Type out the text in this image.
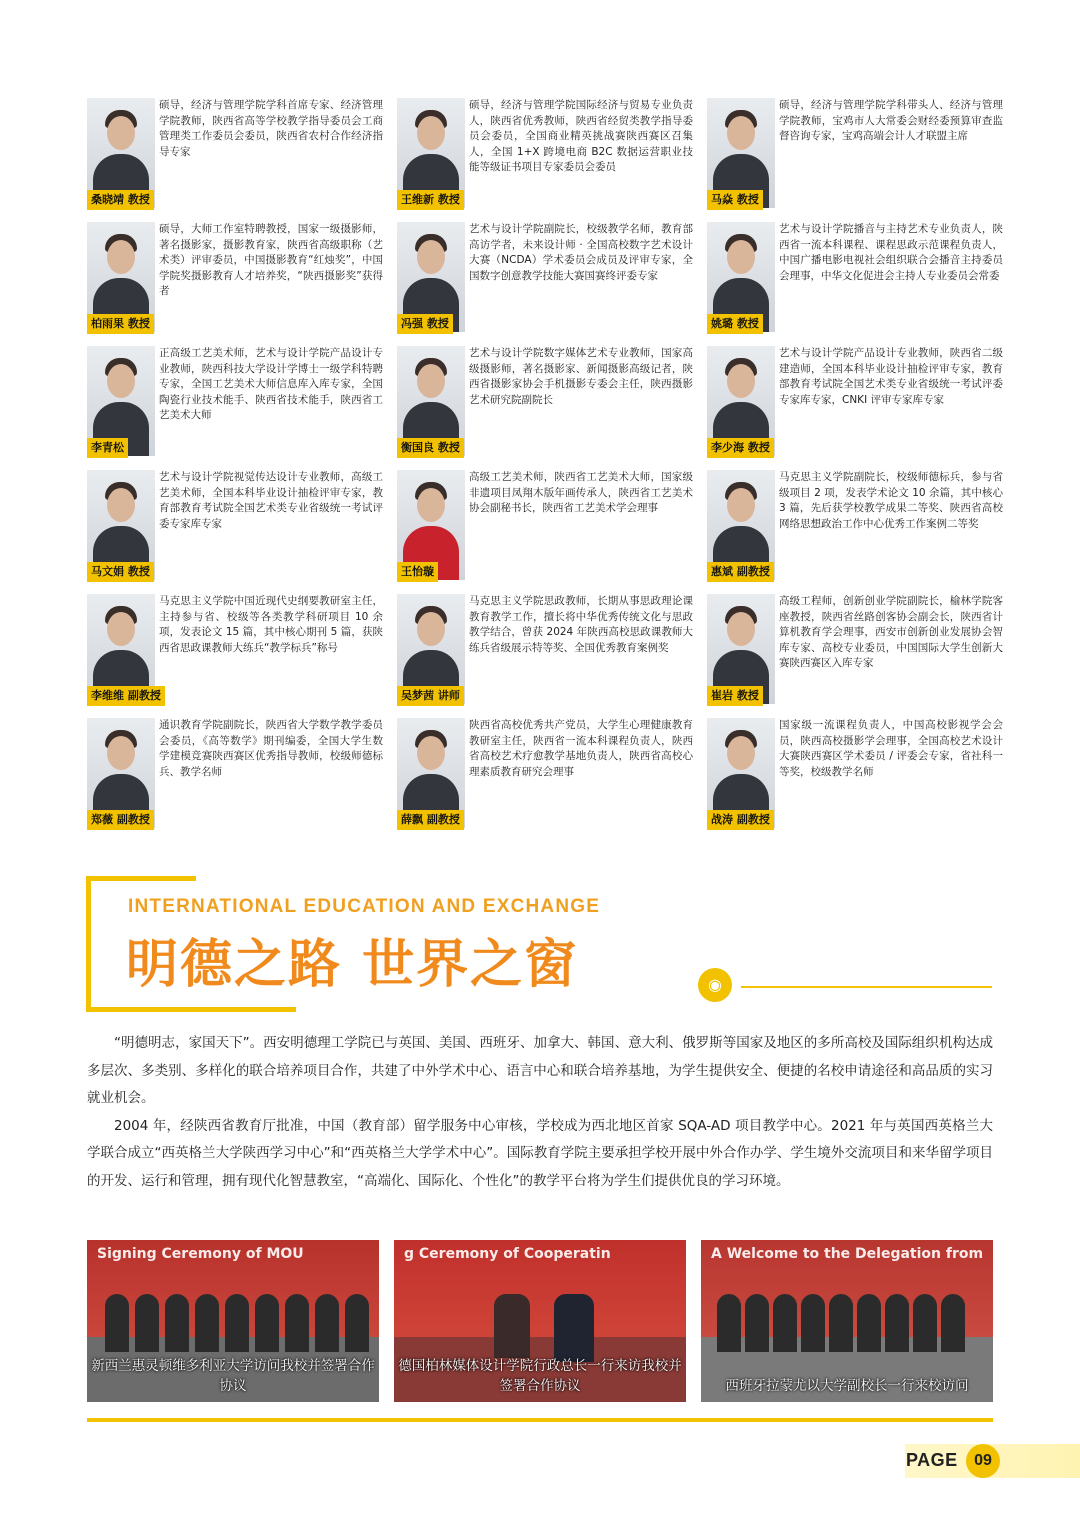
桑晓靖 教授
硕导，经济与管理学院学科首席专家、经济管理学院教师，陕西省高等学校教学指导委员会工商管理类工作委员会委员，陕西省农村合作经济指导专家
王维新 教授
硕导，经济与管理学院国际经济与贸易专业负责人，陕西省优秀教师，陕西省经贸类教学指导委员会委员，全国商业精英挑战赛陕西赛区召集人，全国 1+X 跨境电商 B2C 数据运营职业技能等级证书项目专家委员会委员
马焱 教授
硕导，经济与管理学院学科带头人、经济与管理学院教师，宝鸡市人大常委会财经委预算审查监督咨询专家，宝鸡高端会计人才联盟主席
柏雨果 教授
硕导，大师工作室特聘教授，国家一级摄影师，著名摄影家，摄影教育家，陕西省高级职称（艺术类）评审委员，中国摄影教育“红烛奖”，中国学院奖摄影教育人才培养奖，“陕西摄影奖”获得者
冯强 教授
艺术与设计学院副院长，校级教学名师，教育部高访学者，未来设计师 · 全国高校数字艺术设计大赛（NCDA）学术委员会成员及评审专家，全国数字创意教学技能大赛国赛终评委专家
姚璐 教授
艺术与设计学院播音与主持艺术专业负责人，陕西省一流本科课程、课程思政示范课程负责人，中国广播电影电视社会组织联合会播音主持委员会理事，中华文化促进会主持人专业委员会常委
李青松
正高级工艺美术师，艺术与设计学院产品设计专业教师，陕西科技大学设计学博士一级学科特聘专家，全国工艺美术大师信息库入库专家，全国陶瓷行业技术能手、陕西省技术能手，陕西省工艺美术大师
衡国良 教授
艺术与设计学院数字媒体艺术专业教师，国家高级摄影师，著名摄影家、新闻摄影高级记者，陕西省摄影家协会手机摄影专委会主任，陕西摄影艺术研究院副院长
李少海 教授
艺术与设计学院产品设计专业教师，陕西省二级建造师，全国本科毕业设计抽检评审专家，教育部教育考试院全国艺术类专业省级统一考试评委专家库专家，CNKI 评审专家库专家
马文娟 教授
艺术与设计学院视觉传达设计专业教师，高级工艺美术师，全国本科毕业设计抽检评审专家，教育部教育考试院全国艺术类专业省级统一考试评委专家库专家
王怡璇
高级工艺美术师，陕西省工艺美术大师，国家级非遗项目凤翔木版年画传承人，陕西省工艺美术协会副秘书长，陕西省工艺美术学会理事
惠斌 副教授
马克思主义学院副院长，校级师德标兵，参与省级项目 2 项，发表学术论文 10 余篇，其中核心 3 篇，先后获学校教学成果二等奖、陕西省高校网络思想政治工作中心优秀工作案例二等奖
李维维 副教授
马克思主义学院中国近现代史纲要教研室主任，主持参与省、校级等各类教学科研项目 10 余项，发表论文 15 篇，其中核心期刊 5 篇，获陕西省思政课教师大练兵“教学标兵”称号
吴梦茜 讲师
马克思主义学院思政教师，长期从事思政理论课教育教学工作，擅长将中华优秀传统文化与思政教学结合，曾获 2024 年陕西高校思政课教师大练兵省级展示特等奖、全国优秀教育案例奖
崔岩 教授
高级工程师，创新创业学院副院长，榆林学院客座教授，陕西省丝路创客协会副会长，陕西省计算机教育学会理事，西安市创新创业发展协会智库专家、高校专业委员，中国国际大学生创新大赛陕西赛区入库专家
郑薇 副教授
通识教育学院副院长，陕西省大学数学教学委员会委员，《高等数学》期刊编委，全国大学生数学建模竞赛陕西赛区优秀指导教师，校级师德标兵、教学名师
薛飘 副教授
陕西省高校优秀共产党员，大学生心理健康教育教研室主任，陕西省一流本科课程负责人，陕西省高校艺术疗愈教学基地负责人，陕西省高校心理素质教育研究会理事
战涛 副教授
国家级一流课程负责人，中国高校影视学会会员，陕西高校摄影学会理事，全国高校艺术设计大赛陕西赛区学术委员 / 评委会专家，省社科一等奖，校级教学名师
INTERNATIONAL EDUCATION AND EXCHANGE
明德之路 世界之窗	◉

“明德明志，家国天下”。西安明德理工学院已与英国、美国、西班牙、加拿大、韩国、意大利、俄罗斯等国家及地区的多所高校及国际组织机构达成多层次、多类别、多样化的联合培养项目合作，共建了中外学术中心、语言中心和联合培养基地，为学生提供安全、便捷的名校申请途径和高品质的实习就业机会。

2004 年，经陕西省教育厅批准，中国（教育部）留学服务中心审核，学校成为西北地区首家 SQA-AD 项目教学中心。2021 年与英国西英格兰大学联合成立“西英格兰大学陕西学习中心”和“西英格兰大学学术中心”。国际教育学院主要承担学校开展中外合作办学、学生境外交流项目和来华留学项目的开发、运行和管理，拥有现代化智慧教室，“高端化、国际化、个性化”的教学平台将为学生们提供优良的学习环境。

Signing Ceremony of MOU
新西兰惠灵顿维多利亚大学访问我校并签署合作协议
g Ceremony of Cooperatin
德国柏林媒体设计学院行政总长一行来访我校并签署合作协议
A Welcome to the Delegation from
西班牙拉蒙尤以大学副校长一行来校访问
PAGE	09
